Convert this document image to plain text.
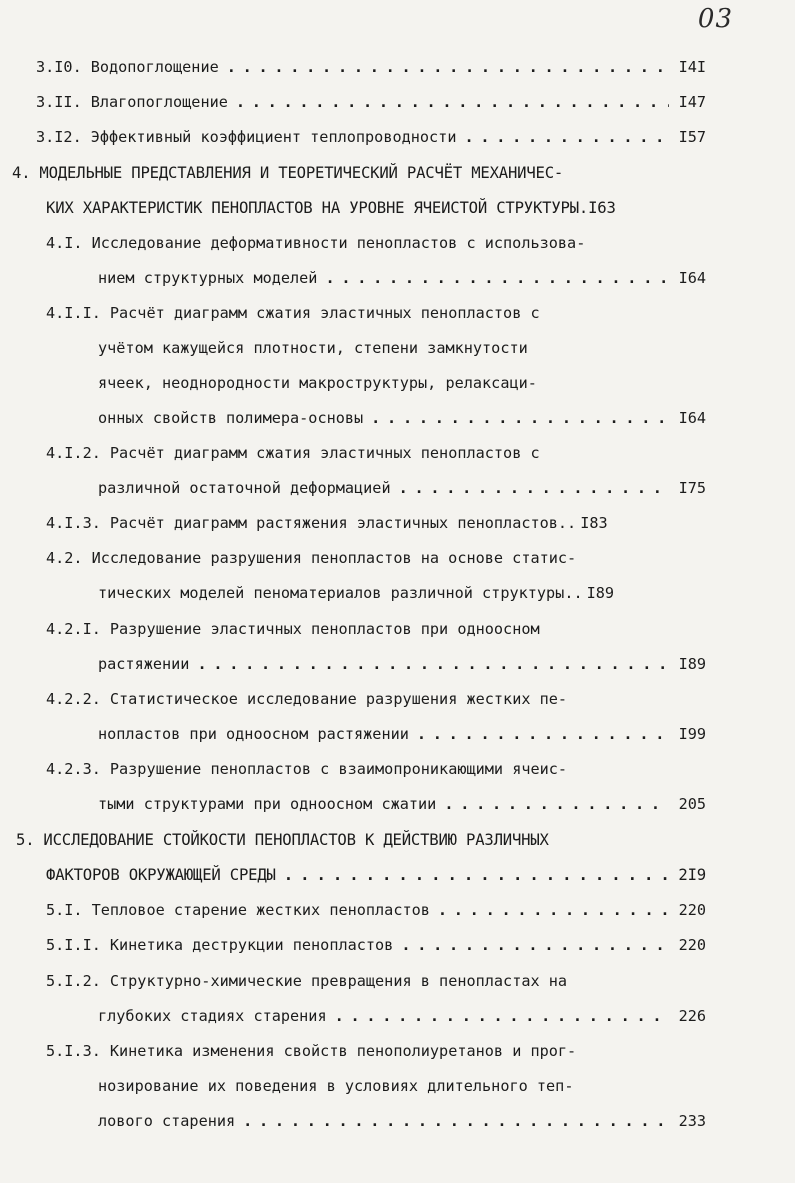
03
3.I0. Водопоглощение . . .	I4I
3.II. Влагопоглощение . . .	I47
3.I2. Эффективный коэффициент теплопроводности . . .	I57
4. МОДЕЛЬНЫЕ ПРЕДСТАВЛЕНИЯ И ТЕОРЕТИЧЕСКИЙ РАСЧЁТ МЕХАНИЧЕС-
КИХ ХАРАКТЕРИСТИК ПЕНОПЛАСТОВ НА УРОВНЕ ЯЧЕИСТОЙ СТРУКТУРЫ. I63
4.I. Исследование деформативности пенопластов с использова-
нием структурных моделей . . .	I64
4.I.I. Расчёт диаграмм сжатия эластичных пенопластов с
учётом кажущейся плотности, степени замкнутости
ячеек, неоднородности макроструктуры, релаксаци-
онных свойств полимера-основы . . .	I64
4.I.2. Расчёт диаграмм сжатия эластичных пенопластов с
различной остаточной деформацией . . .	I75
4.I.3. Расчёт диаграмм растяжения эластичных пенопластов.. I83
4.2. Исследование разрушения пенопластов на основе статис-
тических моделей пеноматериалов различной структуры.. I89
4.2.I. Разрушение эластичных пенопластов при одноосном
растяжении . . .	I89
4.2.2. Статистическое исследование разрушения жестких пе-
нопластов при одноосном растяжении . . .	I99
4.2.3. Разрушение пенопластов с взаимопроникающими ячеис-
тыми структурами при одноосном сжатии . . .	205
5. ИССЛЕДОВАНИЕ СТОЙКОСТИ ПЕНОПЛАСТОВ К ДЕЙСТВИЮ РАЗЛИЧНЫХ
ФАКТОРОВ ОКРУЖАЮЩЕЙ СРЕДЫ . . .	2I9
5.I. Тепловое старение жестких пенопластов . . .	220
5.I.I. Кинетика деструкции пенопластов . . .	220
5.I.2. Структурно-химические превращения в пенопластах на
глубоких стадиях старения . . .	226
5.I.3. Кинетика изменения свойств пенополиуретанов и прог-
нозирование их поведения в условиях длительного теп-
лового старения . . .	233
